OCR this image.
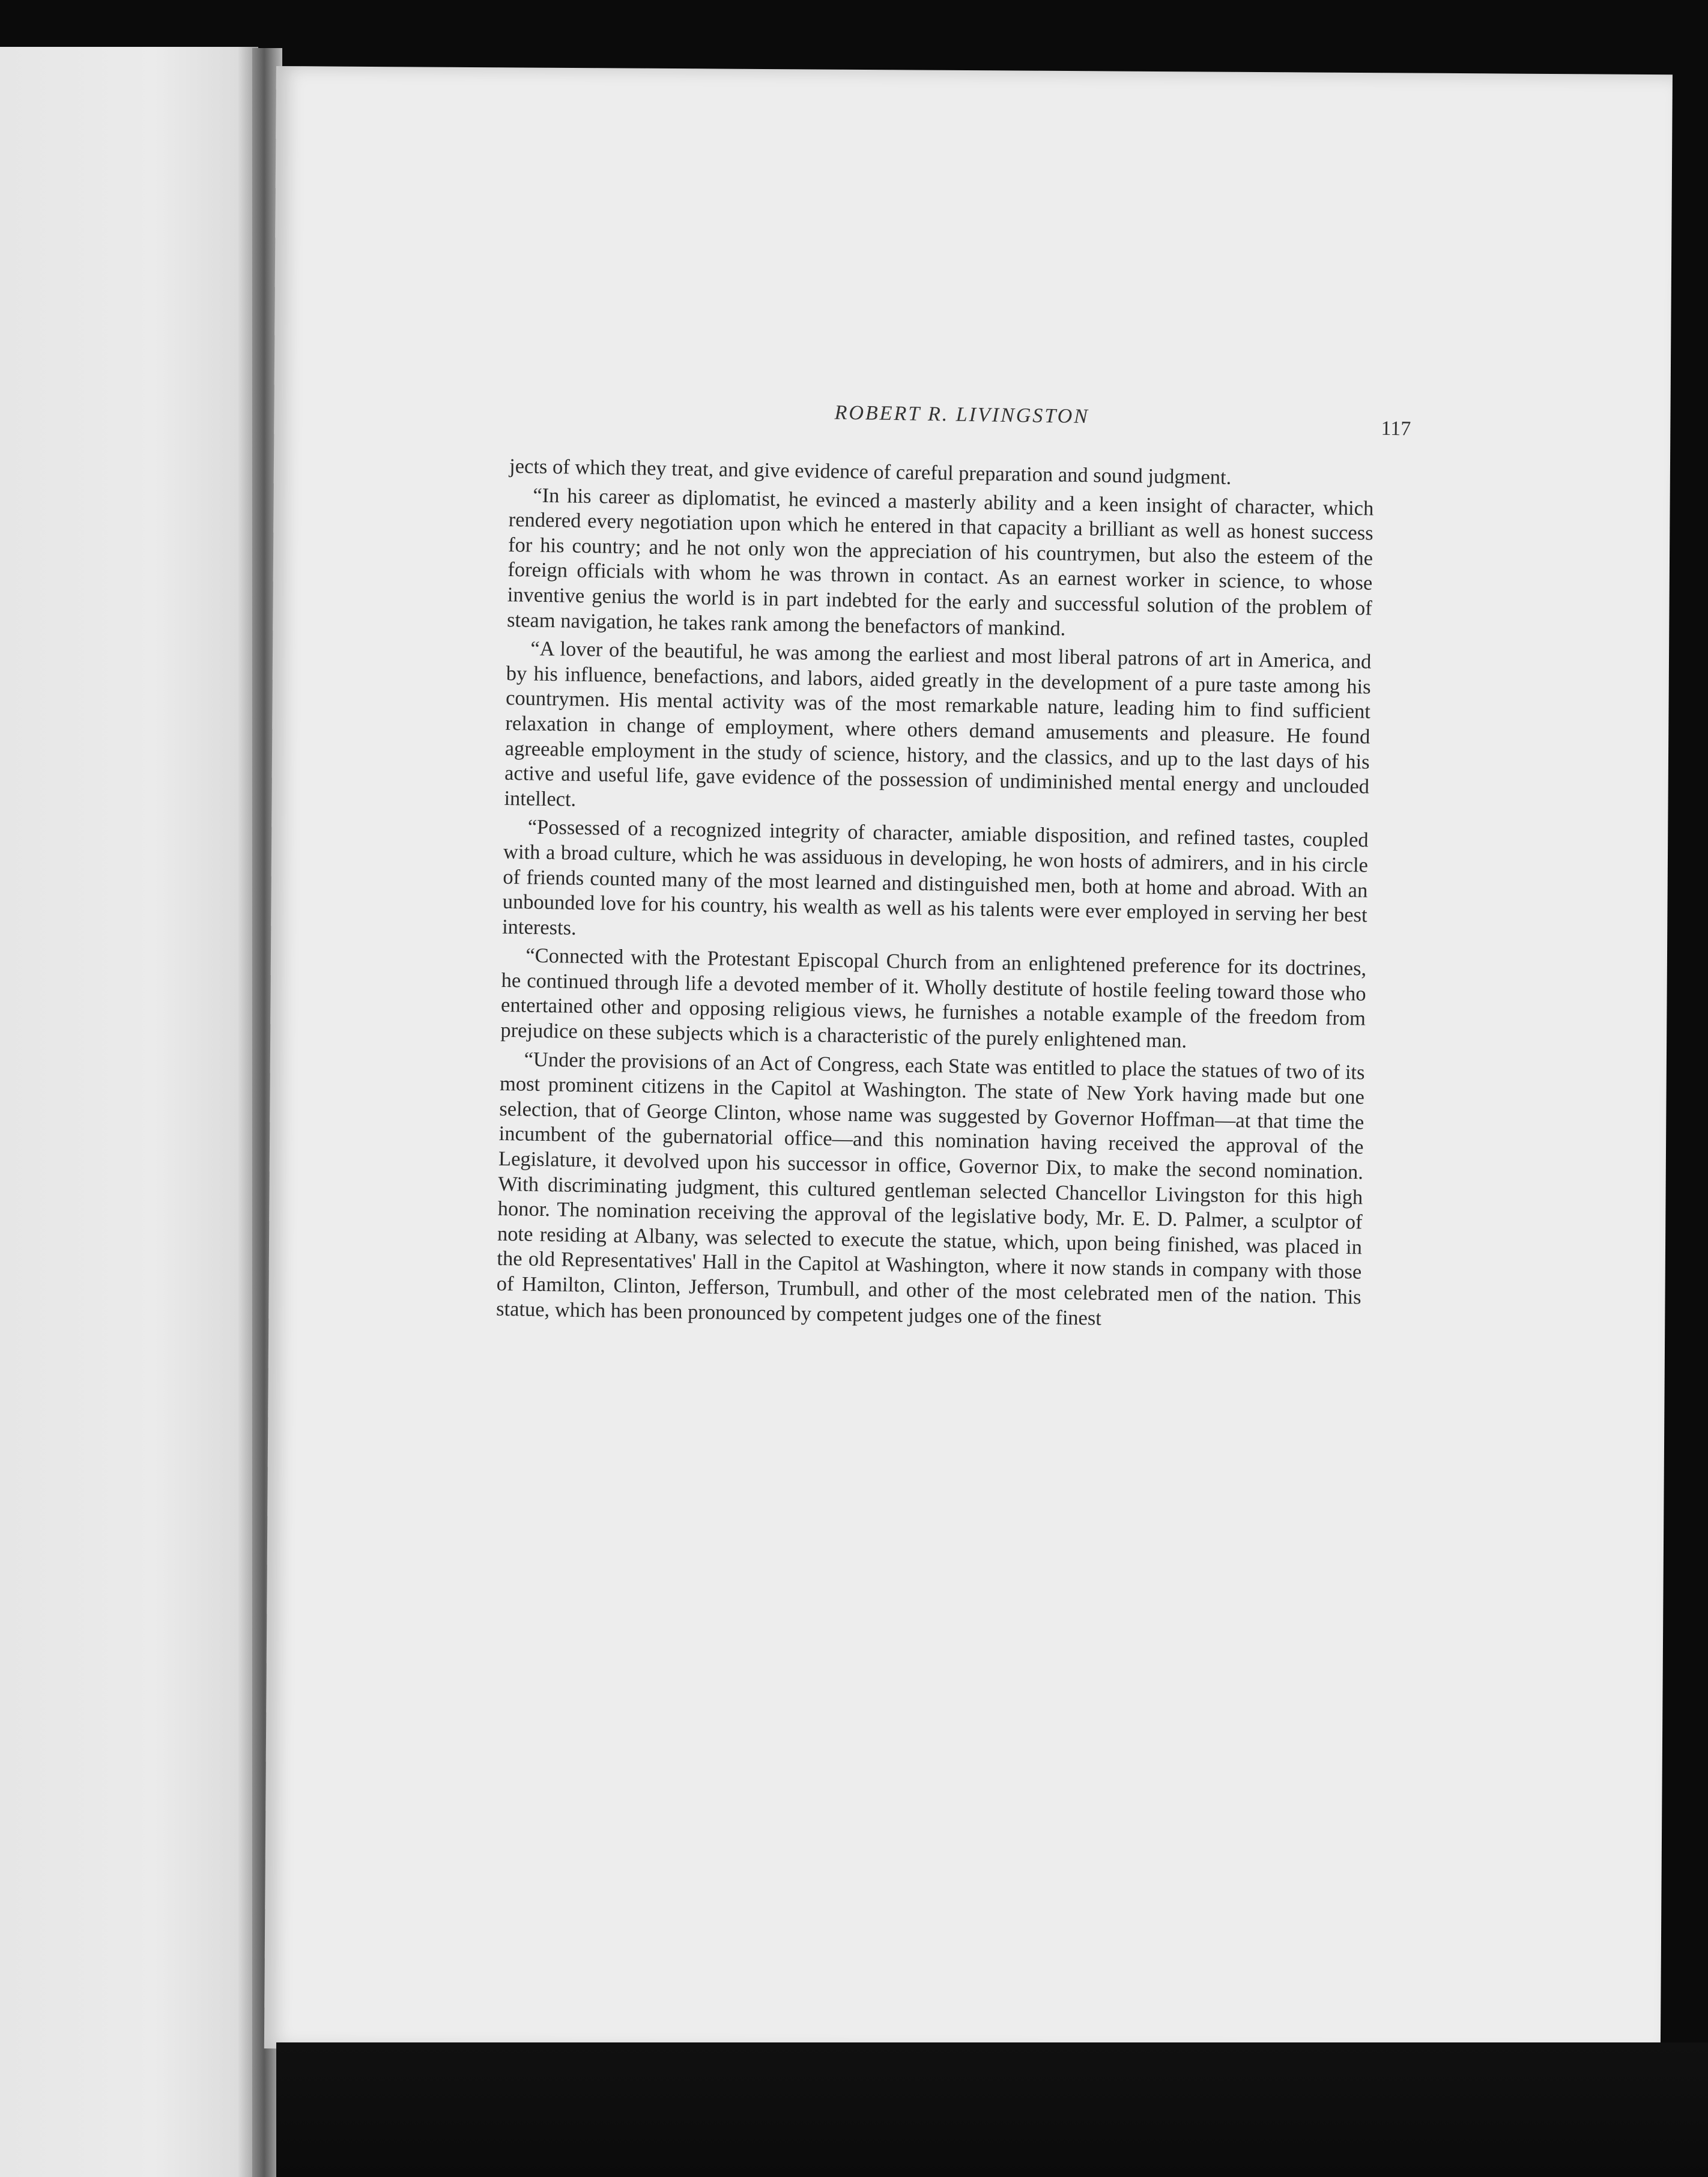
ROBERT R. LIVINGSTON
117

jects of which they treat, and give evidence of careful preparation and sound judgment.

“In his career as diplomatist, he evinced a masterly ability and a keen insight of character, which rendered every negotiation upon which he entered in that capacity a brilliant as well as honest success for his country; and he not only won the appreciation of his countrymen, but also the esteem of the foreign officials with whom he was thrown in contact. As an earnest worker in science, to whose inventive genius the world is in part indebted for the early and successful solution of the problem of steam navigation, he takes rank among the benefactors of mankind.

“A lover of the beautiful, he was among the earliest and most liberal patrons of art in America, and by his influence, benefactions, and labors, aided greatly in the development of a pure taste among his countrymen. His mental activity was of the most remarkable nature, leading him to find sufficient relaxation in change of employment, where others demand amusements and pleasure. He found agreeable employment in the study of science, history, and the classics, and up to the last days of his active and useful life, gave evidence of the possession of undiminished mental energy and unclouded intellect.

“Possessed of a recognized integrity of character, amiable disposition, and refined tastes, coupled with a broad culture, which he was assiduous in developing, he won hosts of admirers, and in his circle of friends counted many of the most learned and distinguished men, both at home and abroad. With an unbounded love for his country, his wealth as well as his talents were ever employed in serving her best interests.

“Connected with the Protestant Episcopal Church from an enlightened preference for its doctrines, he continued through life a devoted member of it. Wholly destitute of hostile feeling toward those who entertained other and opposing religious views, he furnishes a notable example of the freedom from prejudice on these subjects which is a characteristic of the purely enlightened man.

“Under the provisions of an Act of Congress, each State was entitled to place the statues of two of its most prominent citizens in the Capitol at Washington. The state of New York having made but one selection, that of George Clinton, whose name was suggested by Governor Hoffman—at that time the incumbent of the gubernatorial office—and this nomination having received the approval of the Legislature, it devolved upon his successor in office, Governor Dix, to make the second nomination. With discriminating judgment, this cultured gentleman selected Chancellor Livingston for this high honor. The nomination receiving the approval of the legislative body, Mr. E. D. Palmer, a sculptor of note residing at Albany, was selected to execute the statue, which, upon being finished, was placed in the old Representatives' Hall in the Capitol at Washington, where it now stands in company with those of Hamilton, Clinton, Jefferson, Trumbull, and other of the most celebrated men of the nation. This statue, which has been pronounced by competent judges one of the finest
